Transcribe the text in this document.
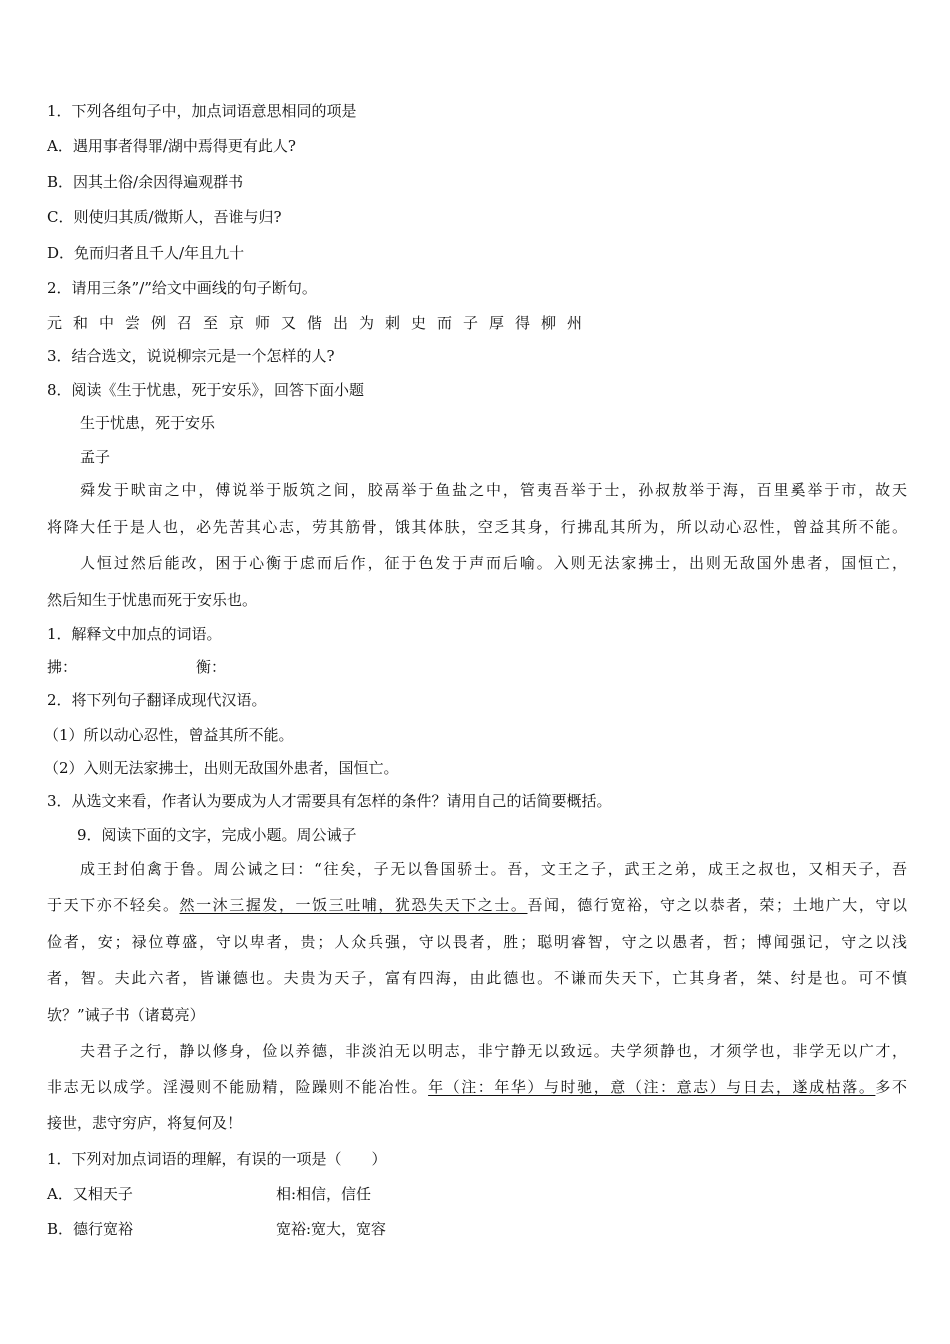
1．下列各组句子中，加点词语意思相同的项是
A．遇用事者得罪/湖中焉得更有此人?
B．因其土俗/余因得遍观群书
C．则使归其质/微斯人，吾谁与归?
D．免而归者且千人/年且九十
2．请用三条”/”给文中画线的句子断句。
元和中尝例召至京师又偕出为刺史而子厚得柳州
3．结合选文，说说柳宗元是一个怎样的人?
8．阅读《生于忧患，死于安乐》，回答下面小题
生于忧患，死于安乐
孟子
舜发于畎亩之中，傅说举于版筑之间，胶鬲举于鱼盐之中，管夷吾举于士，孙叔敖举于海，百里奚举于市，故天
将降大任于是人也，必先苦其心志，劳其筋骨，饿其体肤，空乏其身，行拂乱其所为，所以动心忍性，曾益其所不能。
人恒过然后能改，困于心衡于虑而后作，征于色发于声而后喻。入则无法家拂士，出则无敌国外患者，国恒亡，
然后知生于忧患而死于安乐也。
1．解释文中加点的词语。
拂：	衡：
2．将下列句子翻译成现代汉语。
（1）所以动心忍性，曾益其所不能。
（2）入则无法家拂士，出则无敌国外患者，国恒亡。
3．从选文来看，作者认为要成为人才需要具有怎样的条件？请用自己的话简要概括。
9．阅读下面的文字，完成小题。周公诫子
成王封伯禽于鲁。周公诫之曰：“往矣，子无以鲁国骄士。吾，文王之子，武王之弟，成王之叔也，又相天子，吾
于天下亦不轻矣。然一沐三握发，一饭三吐哺，犹恐失天下之士。吾闻，德行宽裕，守之以恭者，荣；土地广大，守以
俭者，安；禄位尊盛，守以卑者，贵；人众兵强，守以畏者，胜；聪明睿智，守之以愚者，哲；博闻强记，守之以浅
者，智。夫此六者，皆谦德也。夫贵为天子，富有四海，由此德也。不谦而失天下，亡其身者，桀、纣是也。可不慎
欤？”诫子书（诸葛亮）
夫君子之行，静以修身，俭以养德，非淡泊无以明志，非宁静无以致远。夫学须静也，才须学也，非学无以广才，
非志无以成学。淫漫则不能励精，险躁则不能冶性。年（注：年华）与时驰，意（注：意志）与日去，遂成枯落。多不
接世，悲守穷庐，将复何及！
1．下列对加点词语的理解，有误的一项是（　　）
A．又相天子	相:相信，信任
B．德行宽裕	宽裕:宽大，宽容
